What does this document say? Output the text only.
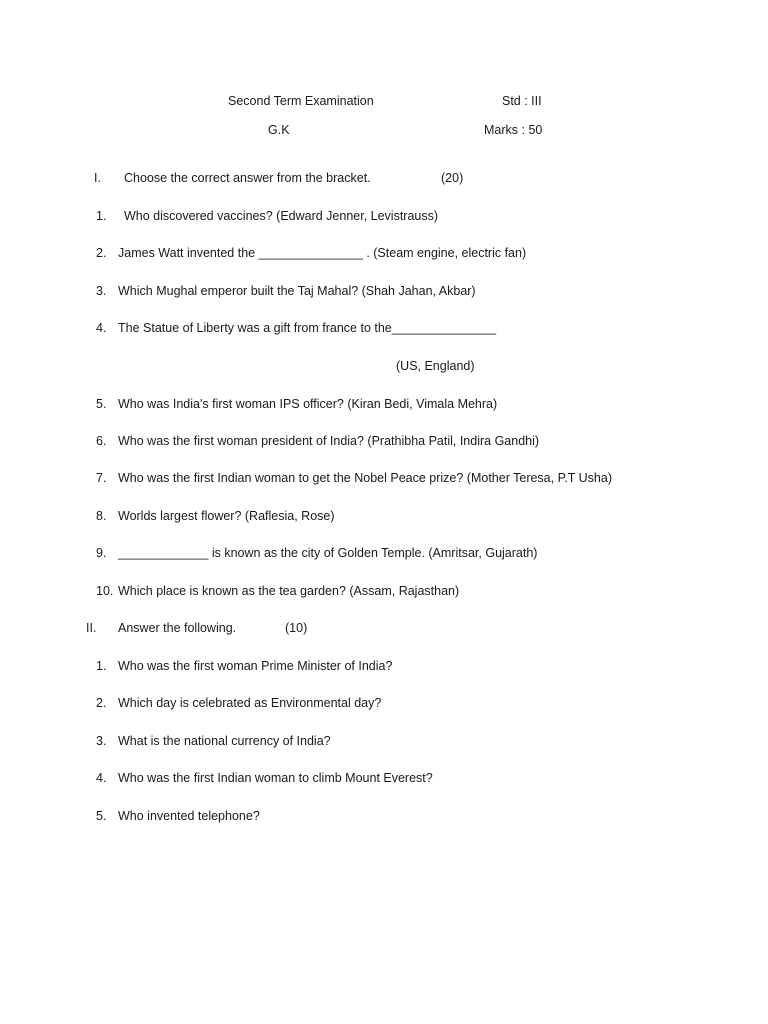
Second Term Examination	Std : III
G.K	Marks : 50
I. Choose the correct answer from the bracket.	(20)
1. Who discovered vaccines? (Edward Jenner, Levistrauss)
2. James Watt invented the _______________ . (Steam engine, electric fan)
3. Which Mughal emperor built the Taj Mahal? (Shah Jahan, Akbar)
4. The Statue of Liberty was a gift from france to the_______________
(US, England)
5. Who was India's first woman IPS officer? (Kiran Bedi, Vimala Mehra)
6. Who was the first woman president of India? (Prathibha Patil, Indira Gandhi)
7. Who was the first Indian woman to get the Nobel Peace prize? (Mother Teresa, P.T Usha)
8. Worlds largest flower? (Raflesia, Rose)
9. _____________ is known as the city of Golden Temple. (Amritsar, Gujarath)
10. Which place is known as the tea garden? (Assam, Rajasthan)
II. Answer the following.	(10)
1. Who was the first woman Prime Minister of India?
2. Which day is celebrated as Environmental day?
3. What is the national currency of India?
4. Who was the first Indian woman to climb Mount Everest?
5. Who invented telephone?
